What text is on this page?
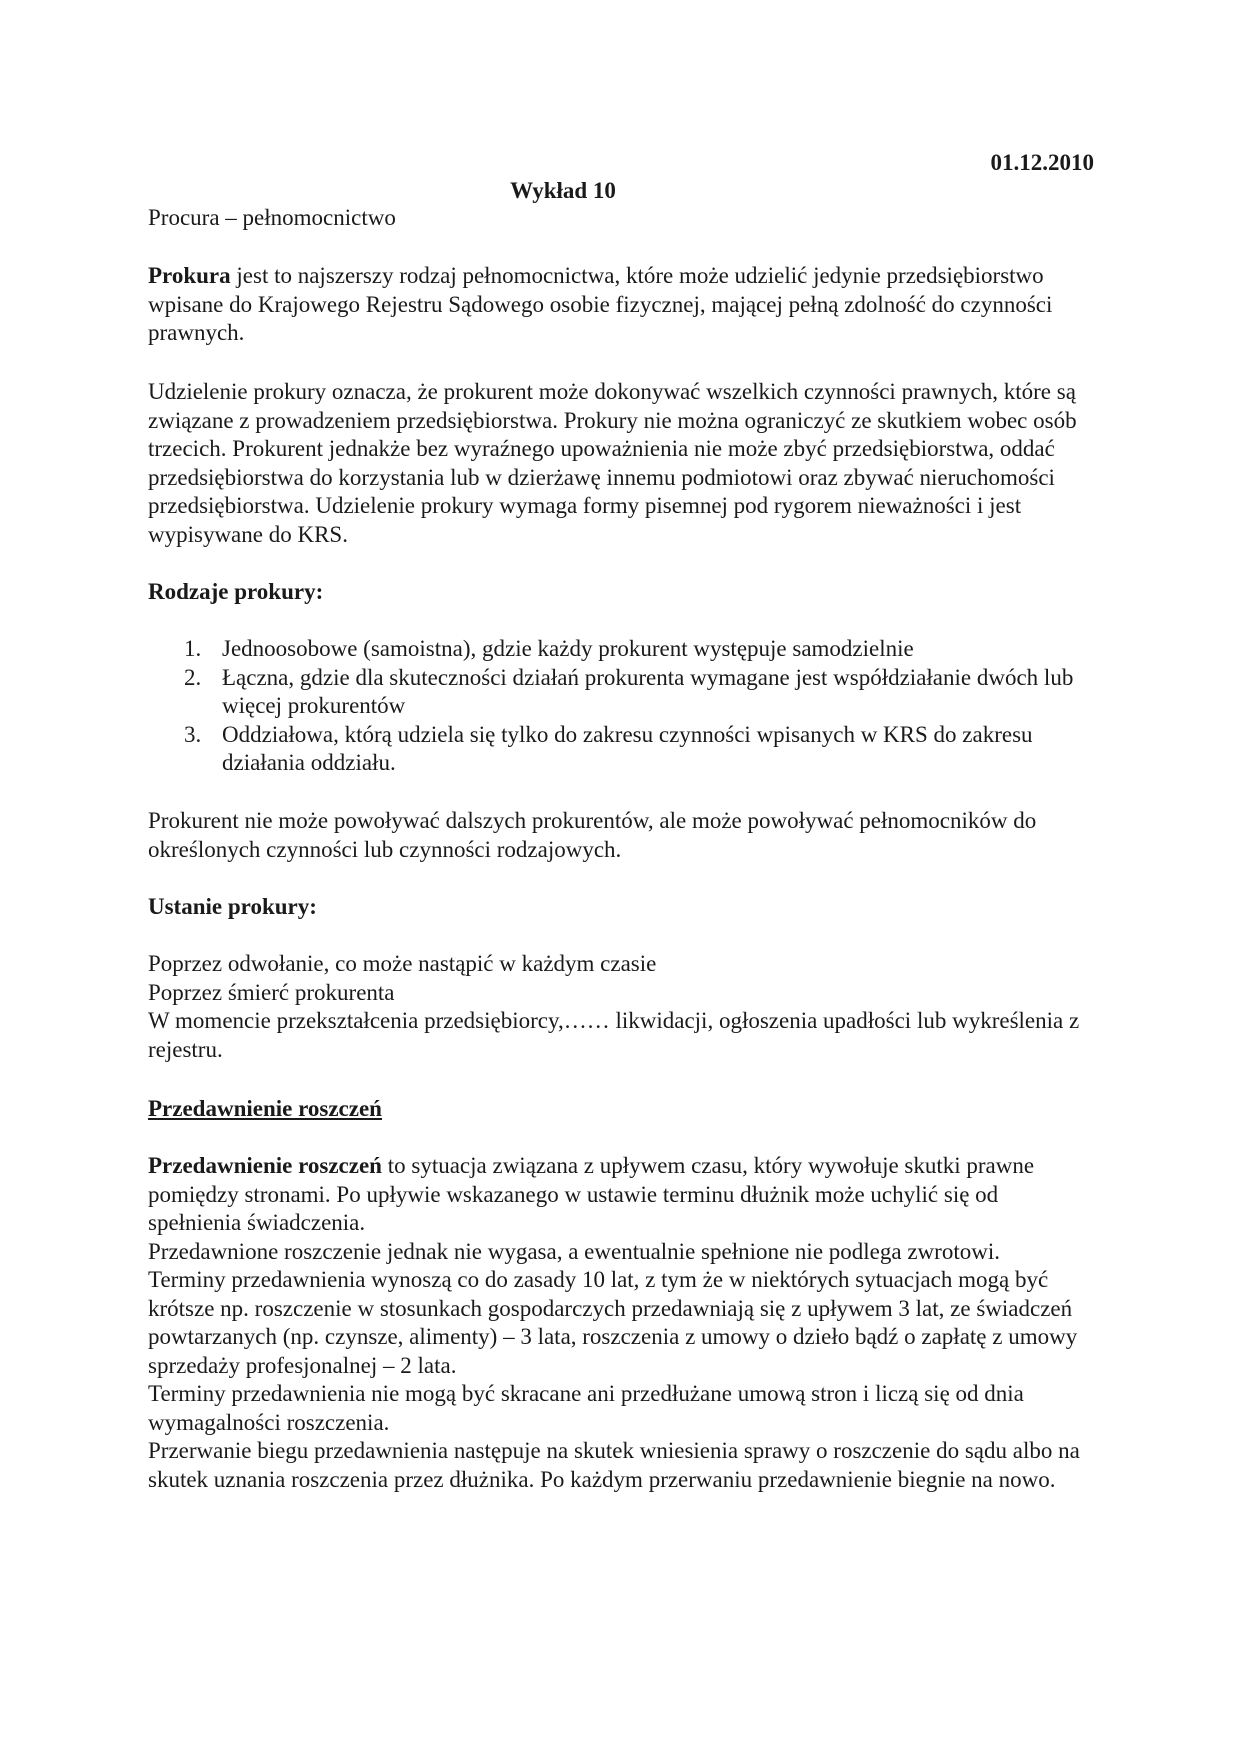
01.12.2010
Wykład 10

Procura – pełnomocnictwo

Prokura jest to najszerszy rodzaj pełnomocnictwa, które może udzielić jedynie przedsiębiorstwo wpisane do Krajowego Rejestru Sądowego osobie fizycznej, mającej pełną zdolność do czynności prawnych.

Udzielenie prokury oznacza, że prokurent może dokonywać wszelkich czynności prawnych, które są związane z prowadzeniem przedsiębiorstwa. Prokury nie można ograniczyć ze skutkiem wobec osób trzecich. Prokurent jednakże bez wyraźnego upoważnienia nie może zbyć przedsiębiorstwa, oddać przedsiębiorstwa do korzystania lub w dzierżawę innemu podmiotowi oraz zbywać nieruchomości przedsiębiorstwa. Udzielenie prokury wymaga formy pisemnej pod rygorem nieważności i jest wypisywane do KRS.

Rodzaje prokury:

1. Jednoosobowe (samoistna), gdzie każdy prokurent występuje samodzielnie
2. Łączna, gdzie dla skuteczności działań prokurenta wymagane jest współdziałanie dwóch lub więcej prokurentów
3. Oddziałowa, którą udziela się tylko do zakresu czynności wpisanych w KRS do zakresu działania oddziału.

Prokurent nie może powoływać dalszych prokurentów, ale może powoływać pełnomocników do określonych czynności lub czynności rodzajowych.

Ustanie prokury:

Poprzez odwołanie, co może nastąpić w każdym czasie

Poprzez śmierć prokurenta

W momencie przekształcenia przedsiębiorcy,…… likwidacji, ogłoszenia upadłości lub wykreślenia z rejestru.

Przedawnienie roszczeń

Przedawnienie roszczeń to sytuacja związana z upływem czasu, który wywołuje skutki prawne pomiędzy stronami. Po upływie wskazanego w ustawie terminu dłużnik może uchylić się od spełnienia świadczenia.

Przedawnione roszczenie jednak nie wygasa, a ewentualnie spełnione nie podlega zwrotowi.

Terminy przedawnienia wynoszą co do zasady 10 lat, z tym że w niektórych sytuacjach mogą być krótsze np. roszczenie w stosunkach gospodarczych przedawniają się z upływem 3 lat, ze świadczeń powtarzanych (np. czynsze, alimenty) – 3 lata, roszczenia z umowy o dzieło bądź o zapłatę z umowy sprzedaży profesjonalnej – 2 lata.

Terminy przedawnienia nie mogą być skracane ani przedłużane umową stron i liczą się od dnia wymagalności roszczenia.

Przerwanie biegu przedawnienia następuje na skutek wniesienia sprawy o roszczenie do sądu albo na skutek uznania roszczenia przez dłużnika. Po każdym przerwaniu przedawnienie biegnie na nowo.
